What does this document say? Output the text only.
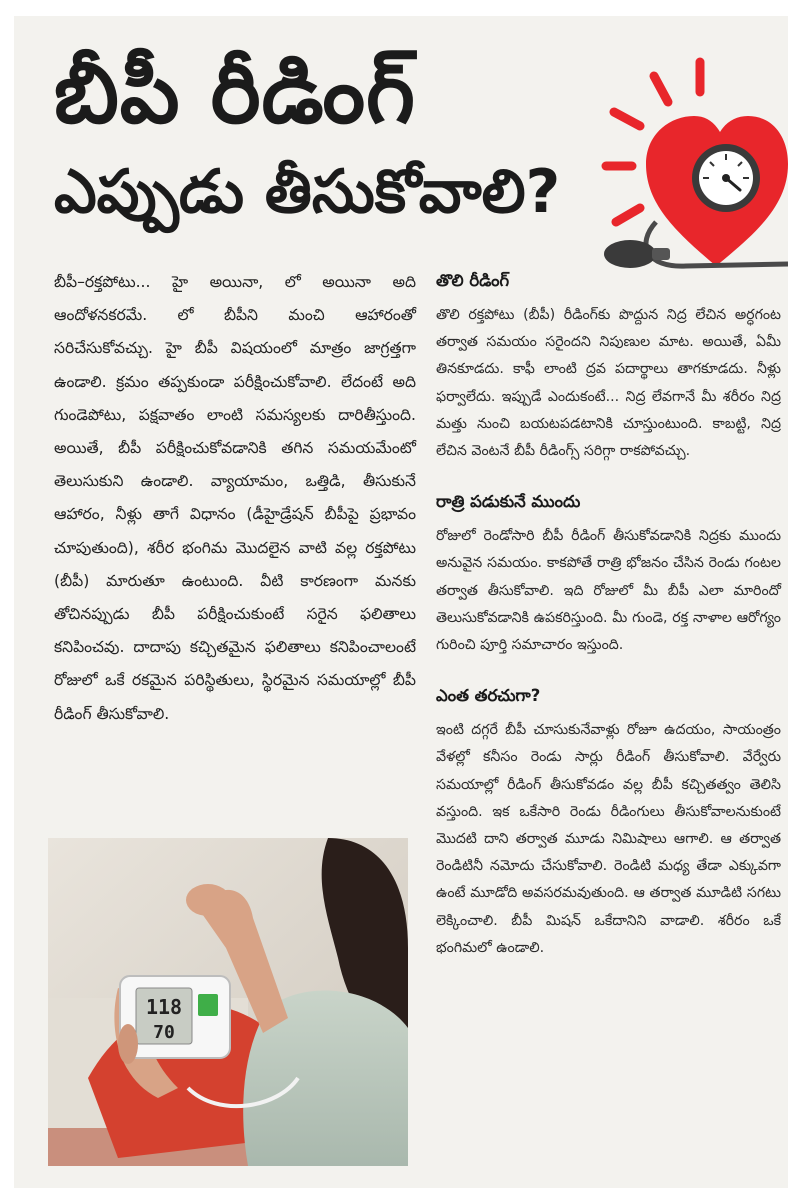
బీపీ రీడింగ్
ఎప్పుడు తీసుకోవాలి?
బీపీ–రక్తపోటు... హై అయినా, లో అయినా అది ఆందోళనకరమే. లో బీపీని మంచి ఆహారంతో సరిచేసుకోవచ్చు. హై బీపీ విషయంలో మాత్రం జాగ్రత్తగా ఉండాలి. క్రమం తప్పకుండా పరీక్షించుకోవాలి. లేదంటే అది గుండెపోటు, పక్షవాతం లాంటి సమస్యలకు దారితీస్తుంది. అయితే, బీపీ పరీక్షించుకోవడానికి తగిన సమయమేంటో తెలుసుకుని ఉండాలి. వ్యాయామం, ఒత్తిడి, తీసుకునే ఆహారం, నీళ్లు తాగే విధానం (డీహైడ్రేషన్ బీపీపై ప్రభావం చూపుతుంది), శరీర భంగిమ మొదలైన వాటి వల్ల రక్తపోటు (బీపీ) మారుతూ ఉంటుంది. వీటి కారణంగా మనకు తోచినప్పుడు బీపీ పరీక్షించుకుంటే సరైన ఫలితాలు కనిపించవు. దాదాపు కచ్చితమైన ఫలితాలు కనిపించాలంటే రోజులో ఒకే రకమైన పరిస్థితులు, స్థిరమైన సమయాల్లో బీపీ రీడింగ్ తీసుకోవాలి.
తొలి రీడింగ్

తొలి రక్తపోటు (బీపీ) రీడింగ్‌కు పొద్దున నిద్ర లేచిన అర్ధగంట తర్వాత సమయం సరైందని నిపుణుల మాట. అయితే, ఏమీ తినకూడదు. కాఫీ లాంటి ద్రవ పదార్థాలు తాగకూడదు. నీళ్లు ఫర్వాలేదు. ఇప్పుడే ఎందుకంటే... నిద్ర లేవగానే మీ శరీరం నిద్ర మత్తు నుంచి బయటపడటానికి చూస్తుంటుంది. కాబట్టి, నిద్ర లేచిన వెంటనే బీపీ రీడింగ్స్ సరిగ్గా రాకపోవచ్చు.

రాత్రి పడుకునే ముందు

రోజులో రెండోసారి బీపీ రీడింగ్ తీసుకోవడానికి నిద్రకు ముందు అనువైన సమయం. కాకపోతే రాత్రి భోజనం చేసిన రెండు గంటల తర్వాత తీసుకోవాలి. ఇది రోజులో మీ బీపీ ఎలా మారిందో తెలుసుకోవడానికి ఉపకరిస్తుంది. మీ గుండె, రక్త నాళాల ఆరోగ్యం గురించి పూర్తి సమాచారం ఇస్తుంది.

ఎంత తరచుగా?

ఇంటి దగ్గరే బీపీ చూసుకునేవాళ్లు రోజూ ఉదయం, సాయంత్రం వేళల్లో కనీసం రెండు సార్లు రీడింగ్ తీసుకోవాలి. వేర్వేరు సమయాల్లో రీడింగ్ తీసుకోవడం వల్ల బీపీ కచ్చితత్వం తెలిసి వస్తుంది. ఇక ఒకేసారి రెండు రీడింగులు తీసుకోవాలనుకుంటే మొదటి దాని తర్వాత మూడు నిమిషాలు ఆగాలి. ఆ తర్వాత రెండిటినీ నమోదు చేసుకోవాలి. రెండిటి మధ్య తేడా ఎక్కువగా ఉంటే మూడోది అవసరమవుతుంది. ఆ తర్వాత మూడిటి సగటు లెక్కించాలి. బీపీ మిషన్ ఒకేదానిని వాడాలి. శరీరం ఒకే భంగిమలో ఉండాలి.

118
70
